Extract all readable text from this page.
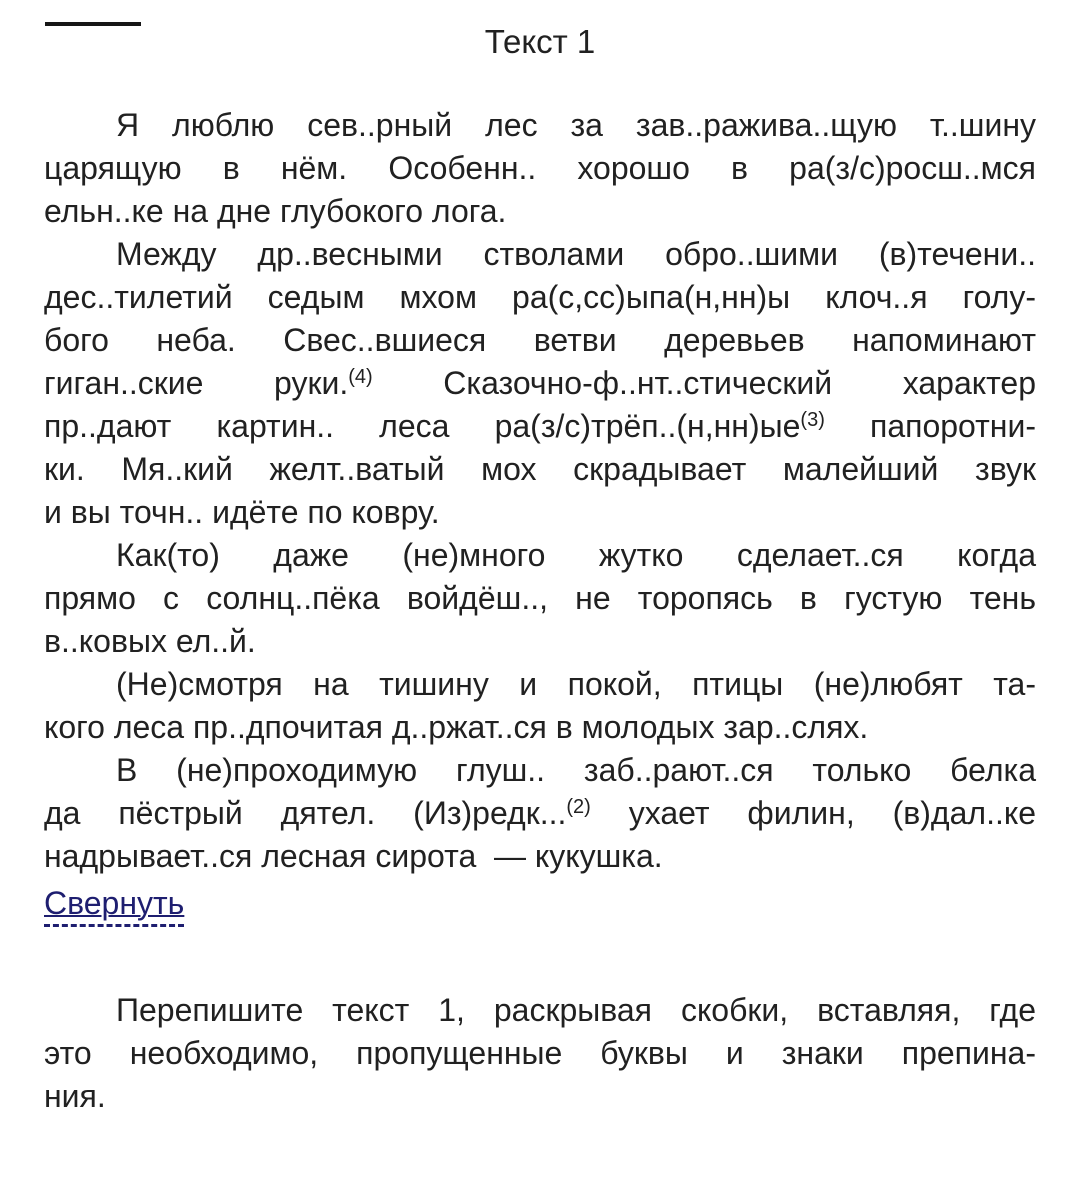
Текст 1
Я люблю сев..рный лес за зав..ражива..щую т..шину
царящую в нём. Особенн.. хорошо в ра(з/с)росш..мся
ельн..ке на дне глубокого лога.
Между др..весными стволами обро..шими (в)течени..
дес..тилетий седым мхом ра(с,сс)ыпа(н,нн)ы клоч..я голу-
бого неба. Свес..вшиеся ветви деревьев напоминают
гиган..ские руки.$^{(4)}$ Сказочно-ф..нт..стический характер
пр..дают картин.. леса $ра(з/с)трёп..(н,нн)ые^{(3)}$ папоротни-
ки. Мя..кий желт..ватый мох скрадывает малейший звук
и вы точн.. идёте по ковру.
Как(то) даже (не)много жутко сделает..ся когда
прямо с солнц..пёка войдёш.., не торопясь в густую тень
в..ковых ел..й.
(Не)смотря на тишину и покой, птицы (не)любят та-
кого леса пр..дпочитая д..ржат..ся в молодых зар..слях.
В (не)проходимую глуш.. заб..рают..ся только белка
да пёстрый дятел. (Из)редк...$^{(2)}$ ухает филин, (в)дал..ке
надрывает..ся лесная сирота  — кукушка.
Свернуть
Перепишите текст 1, раскрывая скобки, вставляя, где
это необходимо, пропущенные буквы и знаки препина-
ния.
